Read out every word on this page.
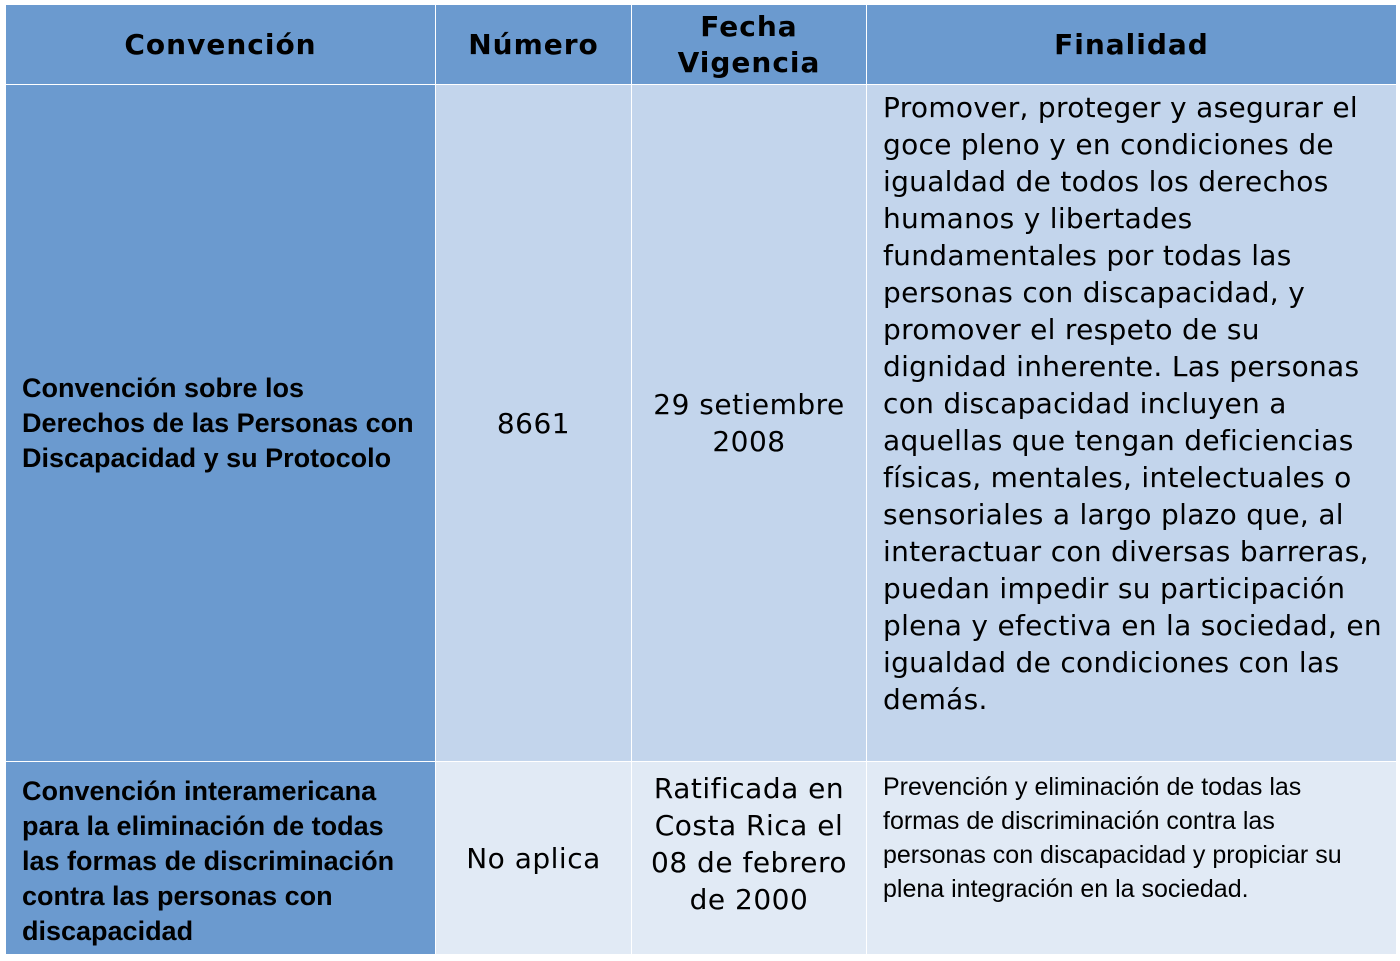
Convención	Número	Fecha Vigencia	Finalidad
Convención sobre los Derechos de las Personas con Discapacidad y su Protocolo	8661	29 setiembre 2008	Promover, proteger y asegurar el goce pleno y en condiciones de igualdad de todos los derechos humanos y libertades fundamentales por todas las personas con discapacidad, y promover el respeto de su dignidad inherente. Las personas con discapacidad incluyen a aquellas que tengan deficiencias físicas, mentales, intelectuales o sensoriales a largo plazo que, al interactuar con diversas barreras, puedan impedir su participación plena y efectiva en la sociedad, en igualdad de condiciones con las demás.
Convención interamericana para la eliminación de todas las formas de discriminación contra las personas con discapacidad	No aplica	Ratificada en Costa Rica el 08 de febrero de 2000	Prevención y eliminación de todas las formas de discriminación contra las personas con discapacidad y propiciar su plena integración en la sociedad.
